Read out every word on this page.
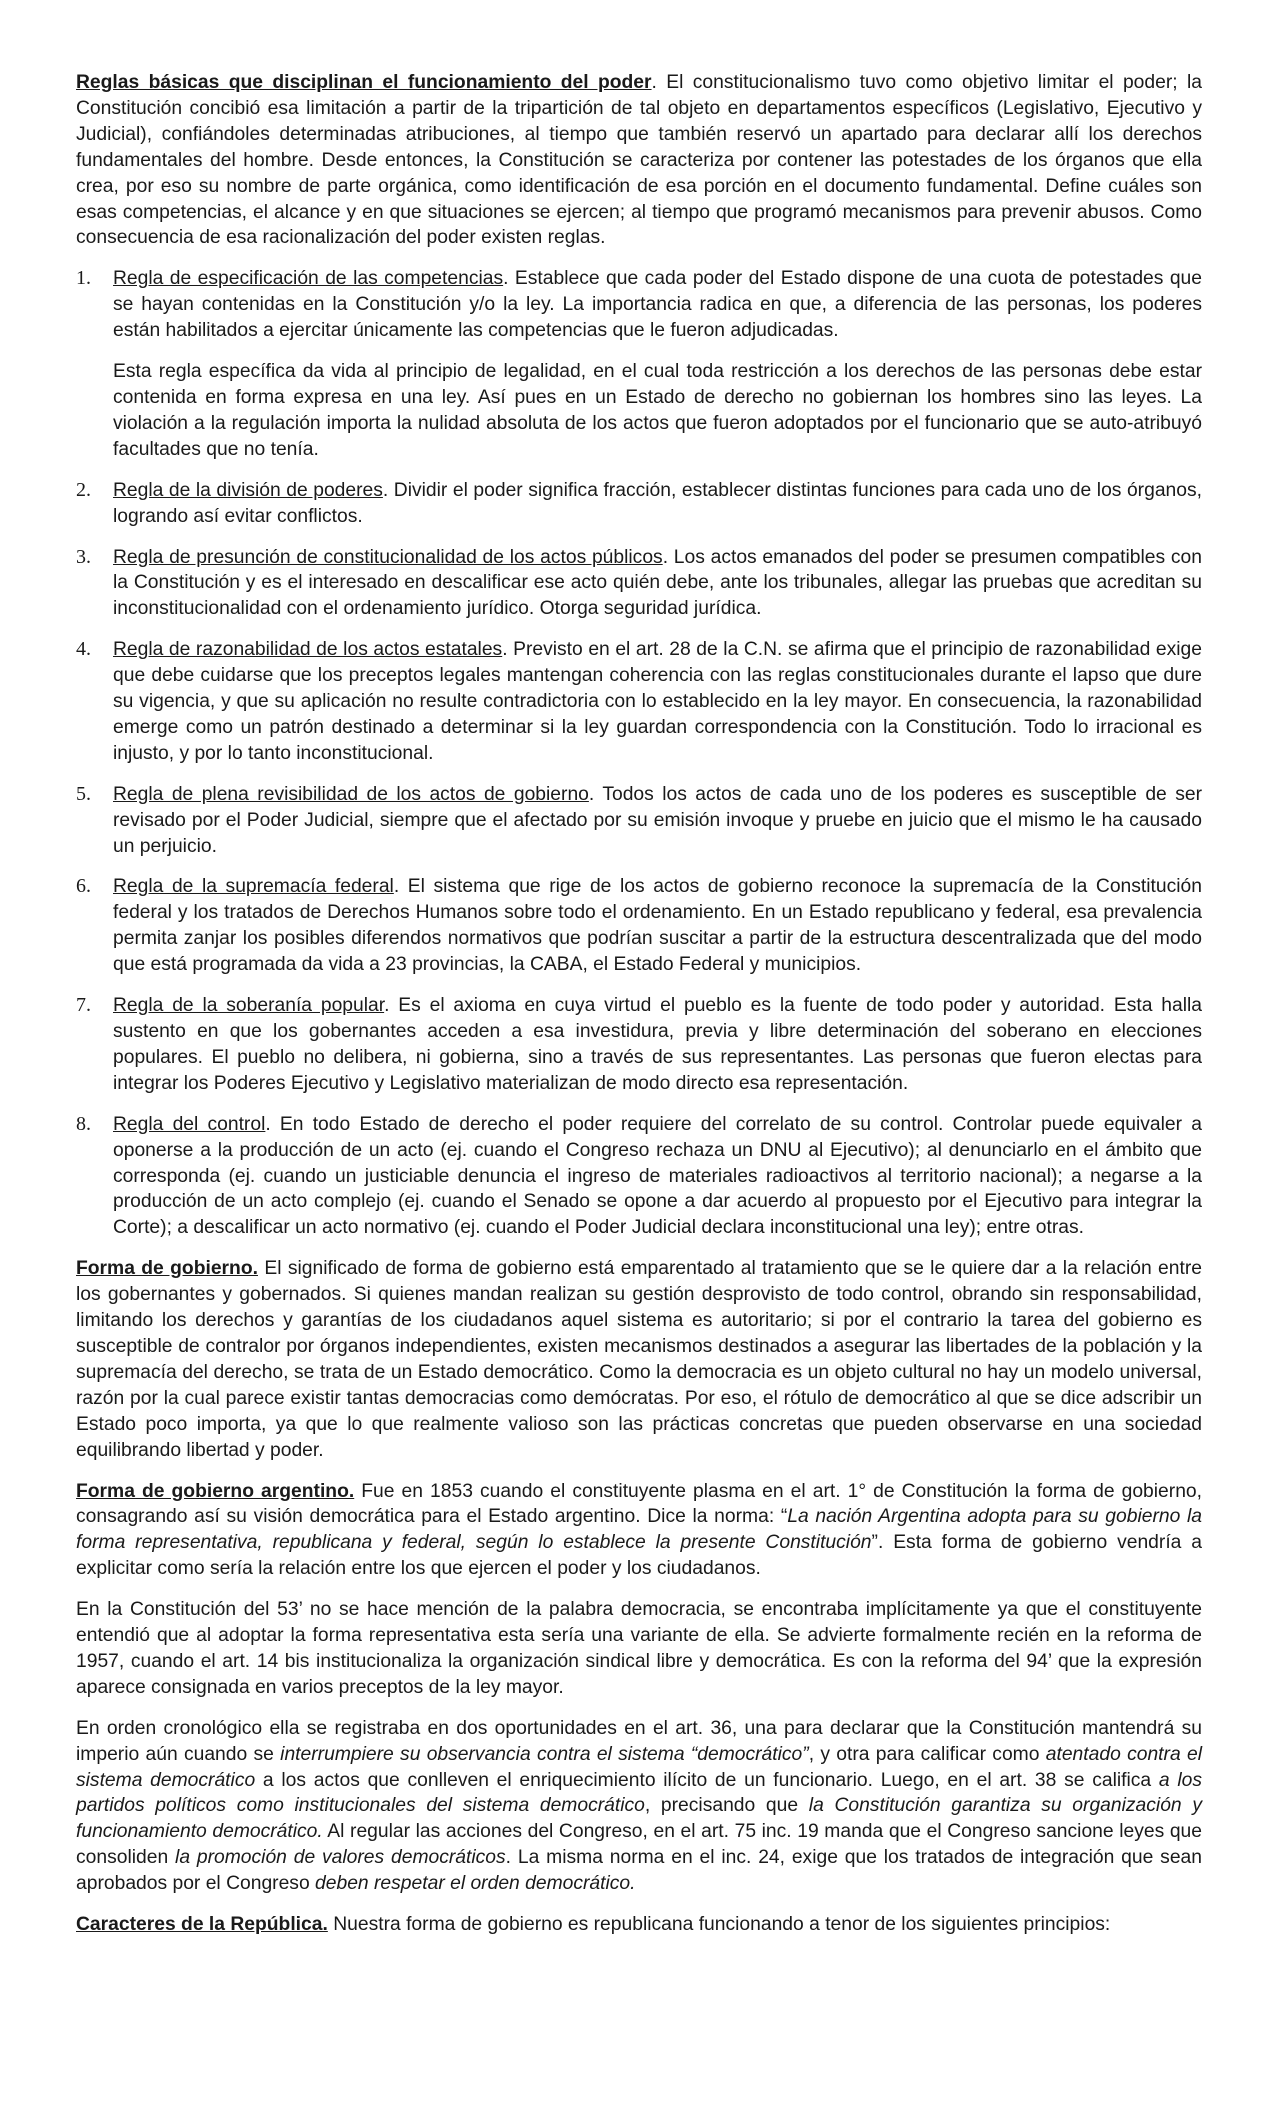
Reglas básicas que disciplinan el funcionamiento del poder. El constitucionalismo tuvo como objetivo limitar el poder; la Constitución concibió esa limitación a partir de la tripartición de tal objeto en departamentos específicos (Legislativo, Ejecutivo y Judicial), confiándoles determinadas atribuciones, al tiempo que también reservó un apartado para declarar allí los derechos fundamentales del hombre. Desde entonces, la Constitución se caracteriza por contener las potestades de los órganos que ella crea, por eso su nombre de parte orgánica, como identificación de esa porción en el documento fundamental. Define cuáles son esas competencias, el alcance y en que situaciones se ejercen; al tiempo que programó mecanismos para prevenir abusos. Como consecuencia de esa racionalización del poder existen reglas.

1. Regla de especificación de las competencias. Establece que cada poder del Estado dispone de una cuota de potestades que se hayan contenidas en la Constitución y/o la ley. La importancia radica en que, a diferencia de las personas, los poderes están habilitados a ejercitar únicamente las competencias que le fueron adjudicadas.

Esta regla específica da vida al principio de legalidad, en el cual toda restricción a los derechos de las personas debe estar contenida en forma expresa en una ley. Así pues en un Estado de derecho no gobiernan los hombres sino las leyes. La violación a la regulación importa la nulidad absoluta de los actos que fueron adoptados por el funcionario que se auto-atribuyó facultades que no tenía.

2. Regla de la división de poderes. Dividir el poder significa fracción, establecer distintas funciones para cada uno de los órganos, logrando así evitar conflictos.

3. Regla de presunción de constitucionalidad de los actos públicos. Los actos emanados del poder se presumen compatibles con la Constitución y es el interesado en descalificar ese acto quién debe, ante los tribunales, allegar las pruebas que acreditan su inconstitucionalidad con el ordenamiento jurídico. Otorga seguridad jurídica.

4. Regla de razonabilidad de los actos estatales. Previsto en el art. 28 de la C.N. se afirma que el principio de razonabilidad exige que debe cuidarse que los preceptos legales mantengan coherencia con las reglas constitucionales durante el lapso que dure su vigencia, y que su aplicación no resulte contradictoria con lo establecido en la ley mayor. En consecuencia, la razonabilidad emerge como un patrón destinado a determinar si la ley guardan correspondencia con la Constitución. Todo lo irracional es injusto, y por lo tanto inconstitucional.

5. Regla de plena revisibilidad de los actos de gobierno. Todos los actos de cada uno de los poderes es susceptible de ser revisado por el Poder Judicial, siempre que el afectado por su emisión invoque y pruebe en juicio que el mismo le ha causado un perjuicio.

6. Regla de la supremacía federal. El sistema que rige de los actos de gobierno reconoce la supremacía de la Constitución federal y los tratados de Derechos Humanos sobre todo el ordenamiento. En un Estado republicano y federal, esa prevalencia permita zanjar los posibles diferendos normativos que podrían suscitar a partir de la estructura descentralizada que del modo que está programada da vida a 23 provincias, la CABA, el Estado Federal y municipios.

7. Regla de la soberanía popular. Es el axioma en cuya virtud el pueblo es la fuente de todo poder y autoridad. Esta halla sustento en que los gobernantes acceden a esa investidura, previa y libre determinación del soberano en elecciones populares. El pueblo no delibera, ni gobierna, sino a través de sus representantes. Las personas que fueron electas para integrar los Poderes Ejecutivo y Legislativo materializan de modo directo esa representación.

8. Regla del control. En todo Estado de derecho el poder requiere del correlato de su control. Controlar puede equivaler a oponerse a la producción de un acto (ej. cuando el Congreso rechaza un DNU al Ejecutivo); al denunciarlo en el ámbito que corresponda (ej. cuando un justiciable denuncia el ingreso de materiales radioactivos al territorio nacional); a negarse a la producción de un acto complejo (ej. cuando el Senado se opone a dar acuerdo al propuesto por el Ejecutivo para integrar la Corte); a descalificar un acto normativo (ej. cuando el Poder Judicial declara inconstitucional una ley); entre otras.

Forma de gobierno. El significado de forma de gobierno está emparentado al tratamiento que se le quiere dar a la relación entre los gobernantes y gobernados. Si quienes mandan realizan su gestión desprovisto de todo control, obrando sin responsabilidad, limitando los derechos y garantías de los ciudadanos aquel sistema es autoritario; si por el contrario la tarea del gobierno es susceptible de contralor por órganos independientes, existen mecanismos destinados a asegurar las libertades de la población y la supremacía del derecho, se trata de un Estado democrático. Como la democracia es un objeto cultural no hay un modelo universal, razón por la cual parece existir tantas democracias como demócratas. Por eso, el rótulo de democrático al que se dice adscribir un Estado poco importa, ya que lo que realmente valioso son las prácticas concretas que pueden observarse en una sociedad equilibrando libertad y poder.

Forma de gobierno argentino. Fue en 1853 cuando el constituyente plasma en el art. 1° de Constitución la forma de gobierno, consagrando así su visión democrática para el Estado argentino. Dice la norma: “La nación Argentina adopta para su gobierno la forma representativa, republicana y federal, según lo establece la presente Constitución”. Esta forma de gobierno vendría a explicitar como sería la relación entre los que ejercen el poder y los ciudadanos.

En la Constitución del 53’ no se hace mención de la palabra democracia, se encontraba implícitamente ya que el constituyente entendió que al adoptar la forma representativa esta sería una variante de ella. Se advierte formalmente recién en la reforma de 1957, cuando el art. 14 bis institucionaliza la organización sindical libre y democrática. Es con la reforma del 94’ que la expresión aparece consignada en varios preceptos de la ley mayor.

En orden cronológico ella se registraba en dos oportunidades en el art. 36, una para declarar que la Constitución mantendrá su imperio aún cuando se interrumpiere su observancia contra el sistema “democrático”, y otra para calificar como atentado contra el sistema democrático a los actos que conlleven el enriquecimiento ilícito de un funcionario. Luego, en el art. 38 se califica a los partidos políticos como institucionales del sistema democrático, precisando que la Constitución garantiza su organización y funcionamiento democrático. Al regular las acciones del Congreso, en el art. 75 inc. 19 manda que el Congreso sancione leyes que consoliden la promoción de valores democráticos. La misma norma en el inc. 24, exige que los tratados de integración que sean aprobados por el Congreso deben respetar el orden democrático.

Caracteres de la República. Nuestra forma de gobierno es republicana funcionando a tenor de los siguientes principios:
